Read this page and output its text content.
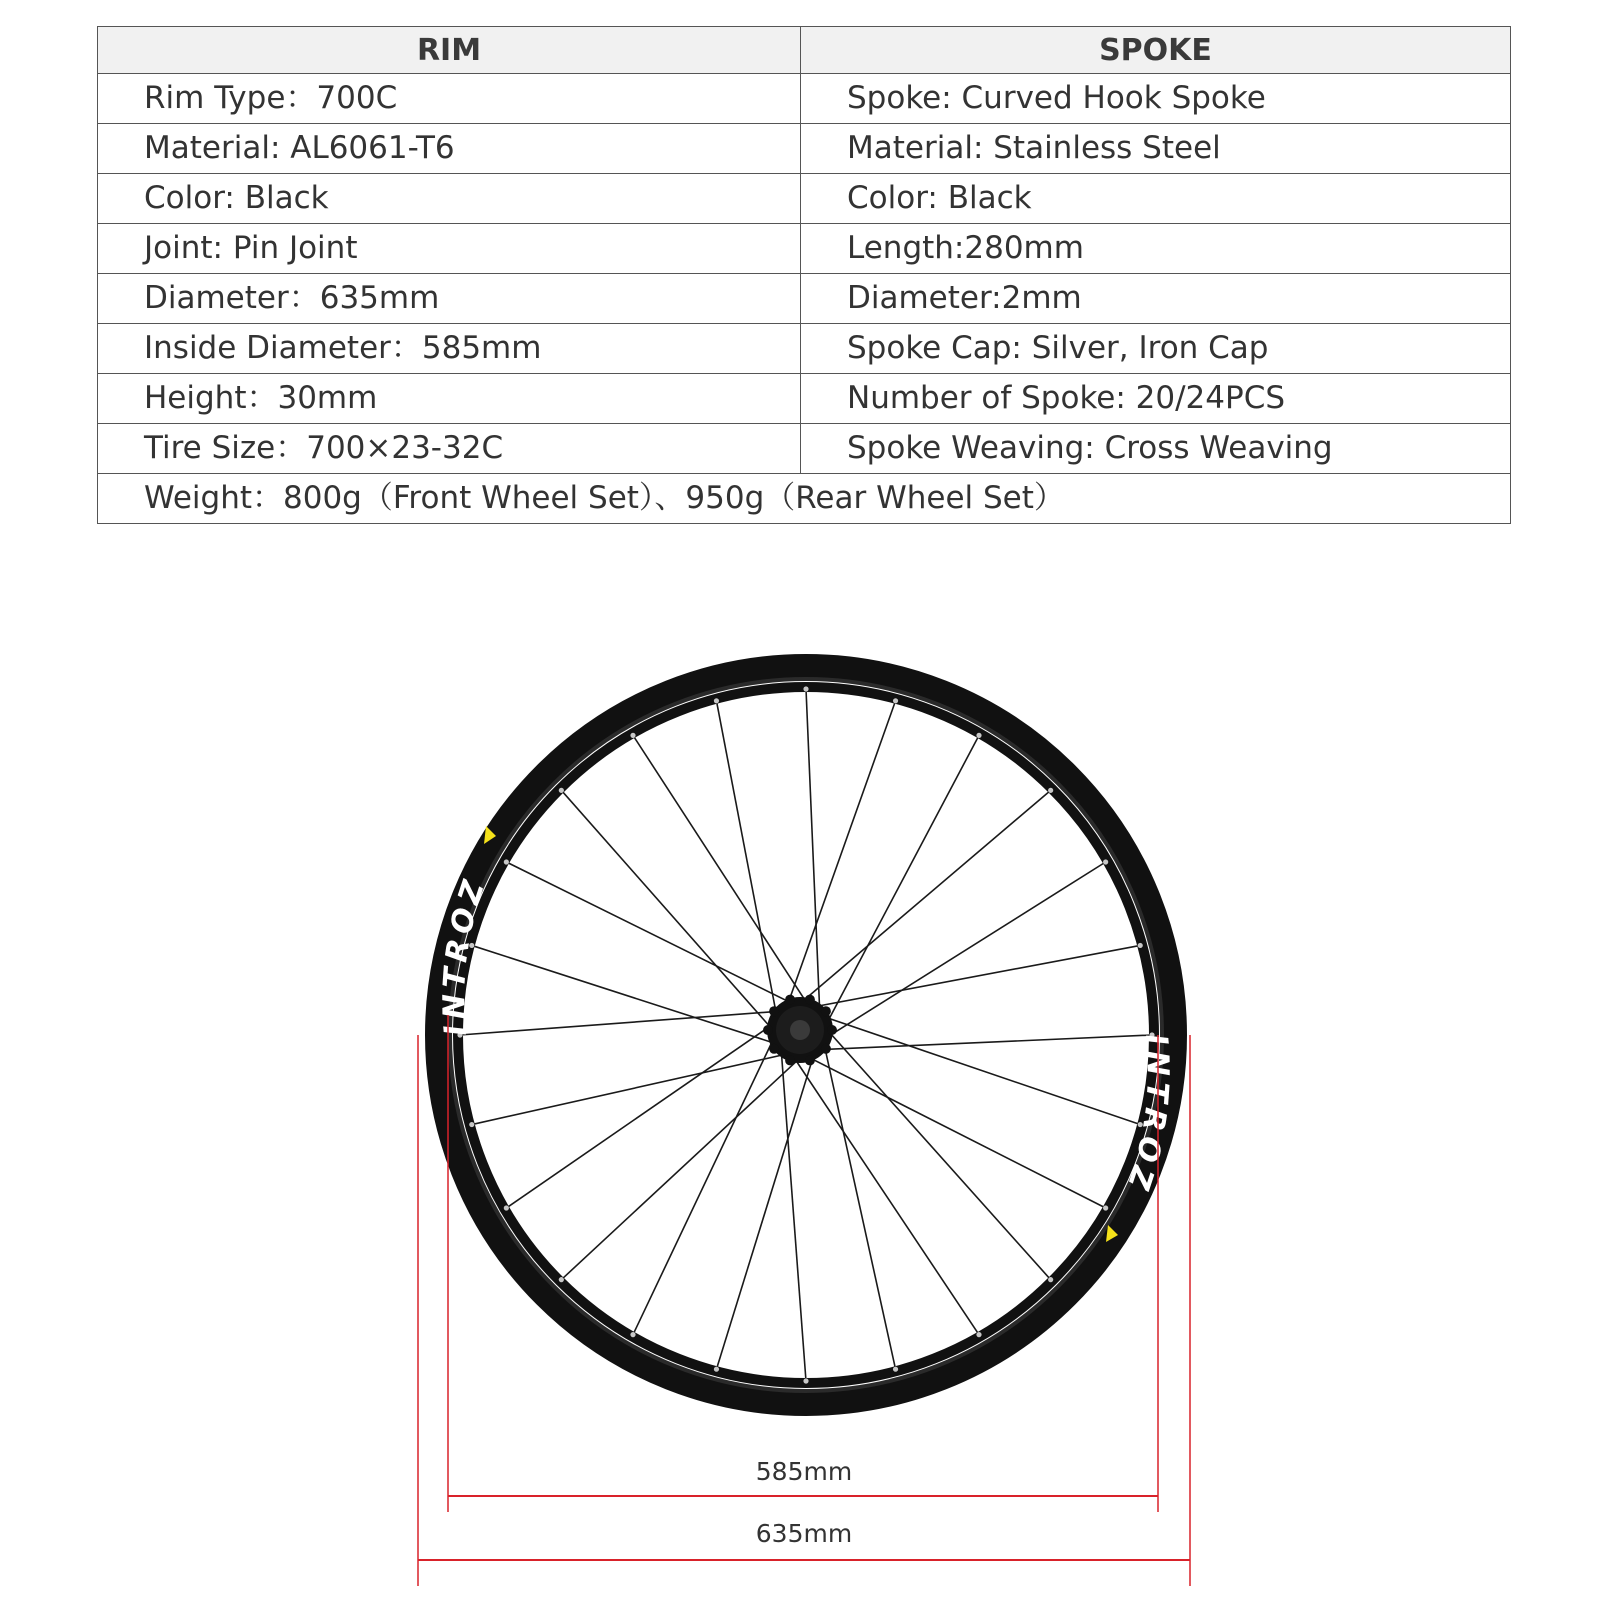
RIM	SPOKE
Rim Type：700C	Spoke: Curved Hook Spoke
Material: AL6061-T6	Material: Stainless Steel
Color: Black	Color: Black
Joint: Pin Joint	Length:280mm
Diameter：635mm	Diameter:2mm
Inside Diameter：585mm	Spoke Cap: Silver, Iron Cap
Height：30mm	Number of Spoke: 20/24PCS
Tire Size：700×23-32C	Spoke Weaving: Cross Weaving
Weight：800g（Front Wheel Set）、950g（Rear Wheel Set）	
INTROZ
INTROZ
585mm
635mm
